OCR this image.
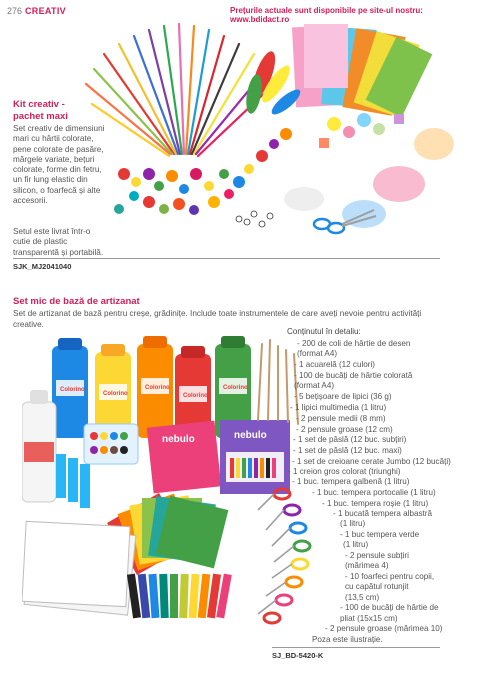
276 CREATIV	Prețurile actuale sunt disponibile pe site-ul nostru: www.bdidact.ro
Kit creativ - pachet maxi
Set creativ de dimensiuni mari cu hârtii colorate, pene colorate de pasăre, mărgele variate, bețuri colorate, forme din fetru, un fir lung elastic din silicon, o foarfecă și alte accesorii.
Setul este livrat într-o cutie de plastic transparentă și portabilă.
SJK_MJ2041040
Set mic de bază de artizanat
Set de artizanat de bază pentru creșe, grădinițe. Include toate instrumentele de care aveți nevoie pentru activități creative.
Colorino
Colorino
Colorino
Colorino
Colorino
nebulo	nebulo
Conținutul în detaliu:
- 200 de coli de hârtie de desen
(format A4)
- 1 acuarelă (12 culori)
- 100 de bucăți de hârtie colorată
(format A4)
- 5 bețișoare de lipici (36 g)
- 1 lipici multimedia (1 litru)
- 2 pensule medii (8 mm)
- 2 pensule groase (12 cm)
- 1 set de pâslă (12 buc. subțiri)
- 1 set de pâslă (12 buc. maxi)
- 1 set de creioane cerate Jumbo (12 bucăți)
- 1 creion gros colorat (triunghi)
- 1 buc. tempera galbenă (1 litru)
- 1 buc. tempera portocalie (1 litru)
- 1 buc. tempera roșie (1 litru)
- 1 bucată tempera albastră
(1 litru)
- 1 buc tempera verde
(1 litru)
- 2 pensule subțiri
(mărimea 4)
- 10 foarfeci pentru copii,
cu capătul rotunjit
(13,5 cm)
- 100 de bucăți de hârtie de
pliat (15x15 cm)
- 2 pensule groase (mărimea 10)
Poza este ilustrație.
SJ_BD-5420-K
